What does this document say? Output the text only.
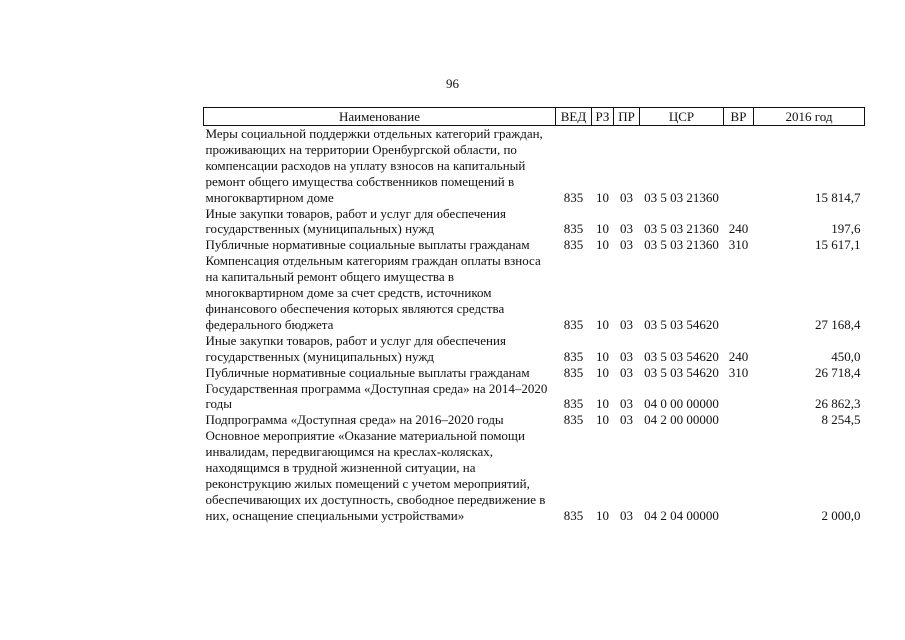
96
Наименование	ВЕД	РЗ	ПР	ЦСР	ВР	2016 год
Меры социальной поддержки отдельных категорий граждан, проживающих на территории Оренбургской области, по компенсации расходов на уплату взносов на капитальный ремонт общего имущества собственников помещений в многоквартирном доме	835	10	03	03 5 03 21360		15 814,7
Иные закупки товаров, работ и услуг для обеспечения государственных (муниципальных) нужд	835	10	03	03 5 03 21360	240	197,6
Публичные нормативные социальные выплаты гражданам	835	10	03	03 5 03 21360	310	15 617,1
Компенсация отдельным категориям граждан оплаты взноса на капитальный ремонт общего имущества в многоквартирном доме за счет средств, источником финансового обеспечения которых являются средства федерального бюджета	835	10	03	03 5 03 54620		27 168,4
Иные закупки товаров, работ и услуг для обеспечения государственных (муниципальных) нужд	835	10	03	03 5 03 54620	240	450,0
Публичные нормативные социальные выплаты гражданам	835	10	03	03 5 03 54620	310	26 718,4
Государственная программа «Доступная среда» на 2014–2020 годы	835	10	03	04 0 00 00000		26 862,3
Подпрограмма «Доступная среда» на 2016–2020 годы	835	10	03	04 2 00 00000		8 254,5
Основное мероприятие «Оказание материальной помощи инвалидам, передвигающимся на креслах-колясках, находящимся в трудной жизненной ситуации, на реконструкцию жилых помещений с учетом мероприятий, обеспечивающих их доступность, свободное передвижение в них, оснащение специальными устройствами»	835	10	03	04 2 04 00000		2 000,0
